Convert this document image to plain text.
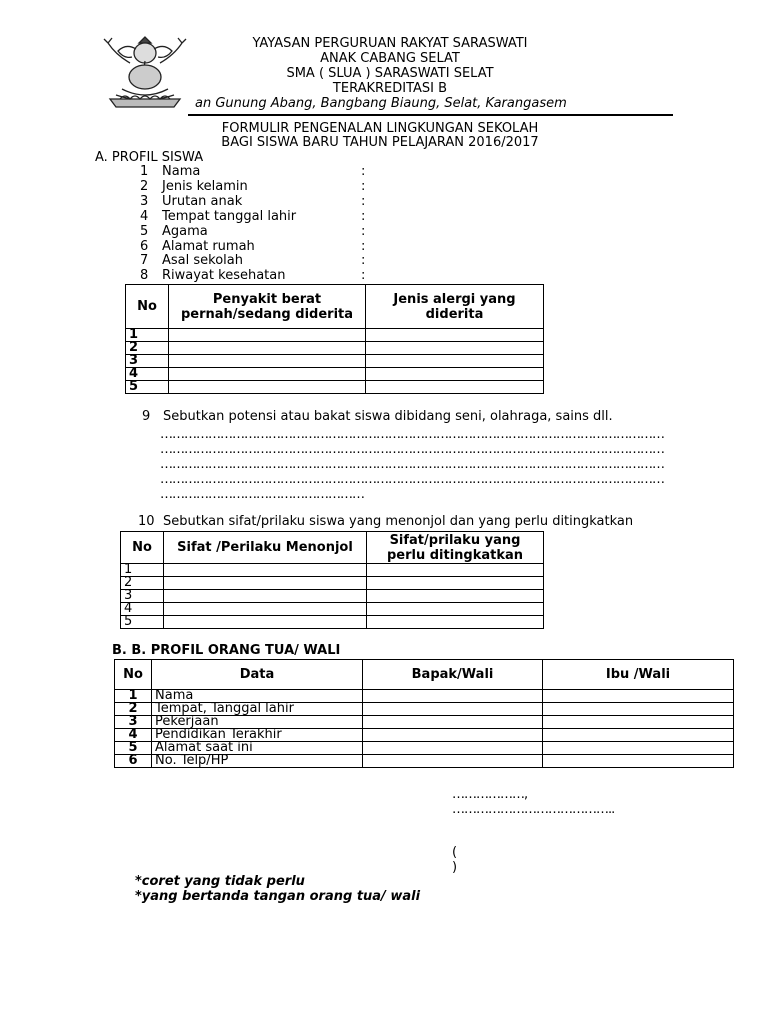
YAYASAN PERGURUAN RAKYAT SARASWATI
ANAK CABANG SELAT
SMA ( SLUA ) SARASWATI SELAT
TERAKREDITASI B
an Gunung Abang, Bangbang Biaung, Selat, Karangasem
FORMULIR PENGENALAN LINGKUNGAN SEKOLAH
BAGI SISWA BARU TAHUN PELAJARAN 2016/2017
A. PROFIL SISWA
1 Nama	:
2 Jenis kelamin	:
3 Urutan anak	:
4 Tempat tanggal lahir	:
5 Agama	:
6 Alamat rumah	:
7 Asal sekolah	:
8 Riwayat kesehatan	:
No	Penyakit berat pernah/sedang diderita	Jenis alergi yang diderita
1		
2		
3		
4		
5		
9 Sebutkan potensi atau bakat siswa dibidang seni, olahraga, sains dll.
………………………………………………………………………………………………………………
………………………………………………………………………………………………………………
………………………………………………………………………………………………………………
………………………………………………………………………………………………………………
……………………………………………
10 Sebutkan sifat/prilaku siswa yang menonjol dan yang perlu ditingkatkan
No	Sifat /Perilaku Menonjol	Sifat/prilaku yang perlu ditingkatkan
1		
2		
3		
4		
5		
B. B. PROFIL ORANG TUA/ WALI
No	Data	Bapak/Wali	Ibu /Wali
1	Nama		
2	Tempat, Tanggal lahir		
3	Pekerjaan		
4	Pendidikan Terakhir		
5	Alamat saat ini		
6	No. Telp/HP		
………………,
…………………………………..
(
)
*coret yang tidak perlu
*yang bertanda tangan orang tua/ wali
